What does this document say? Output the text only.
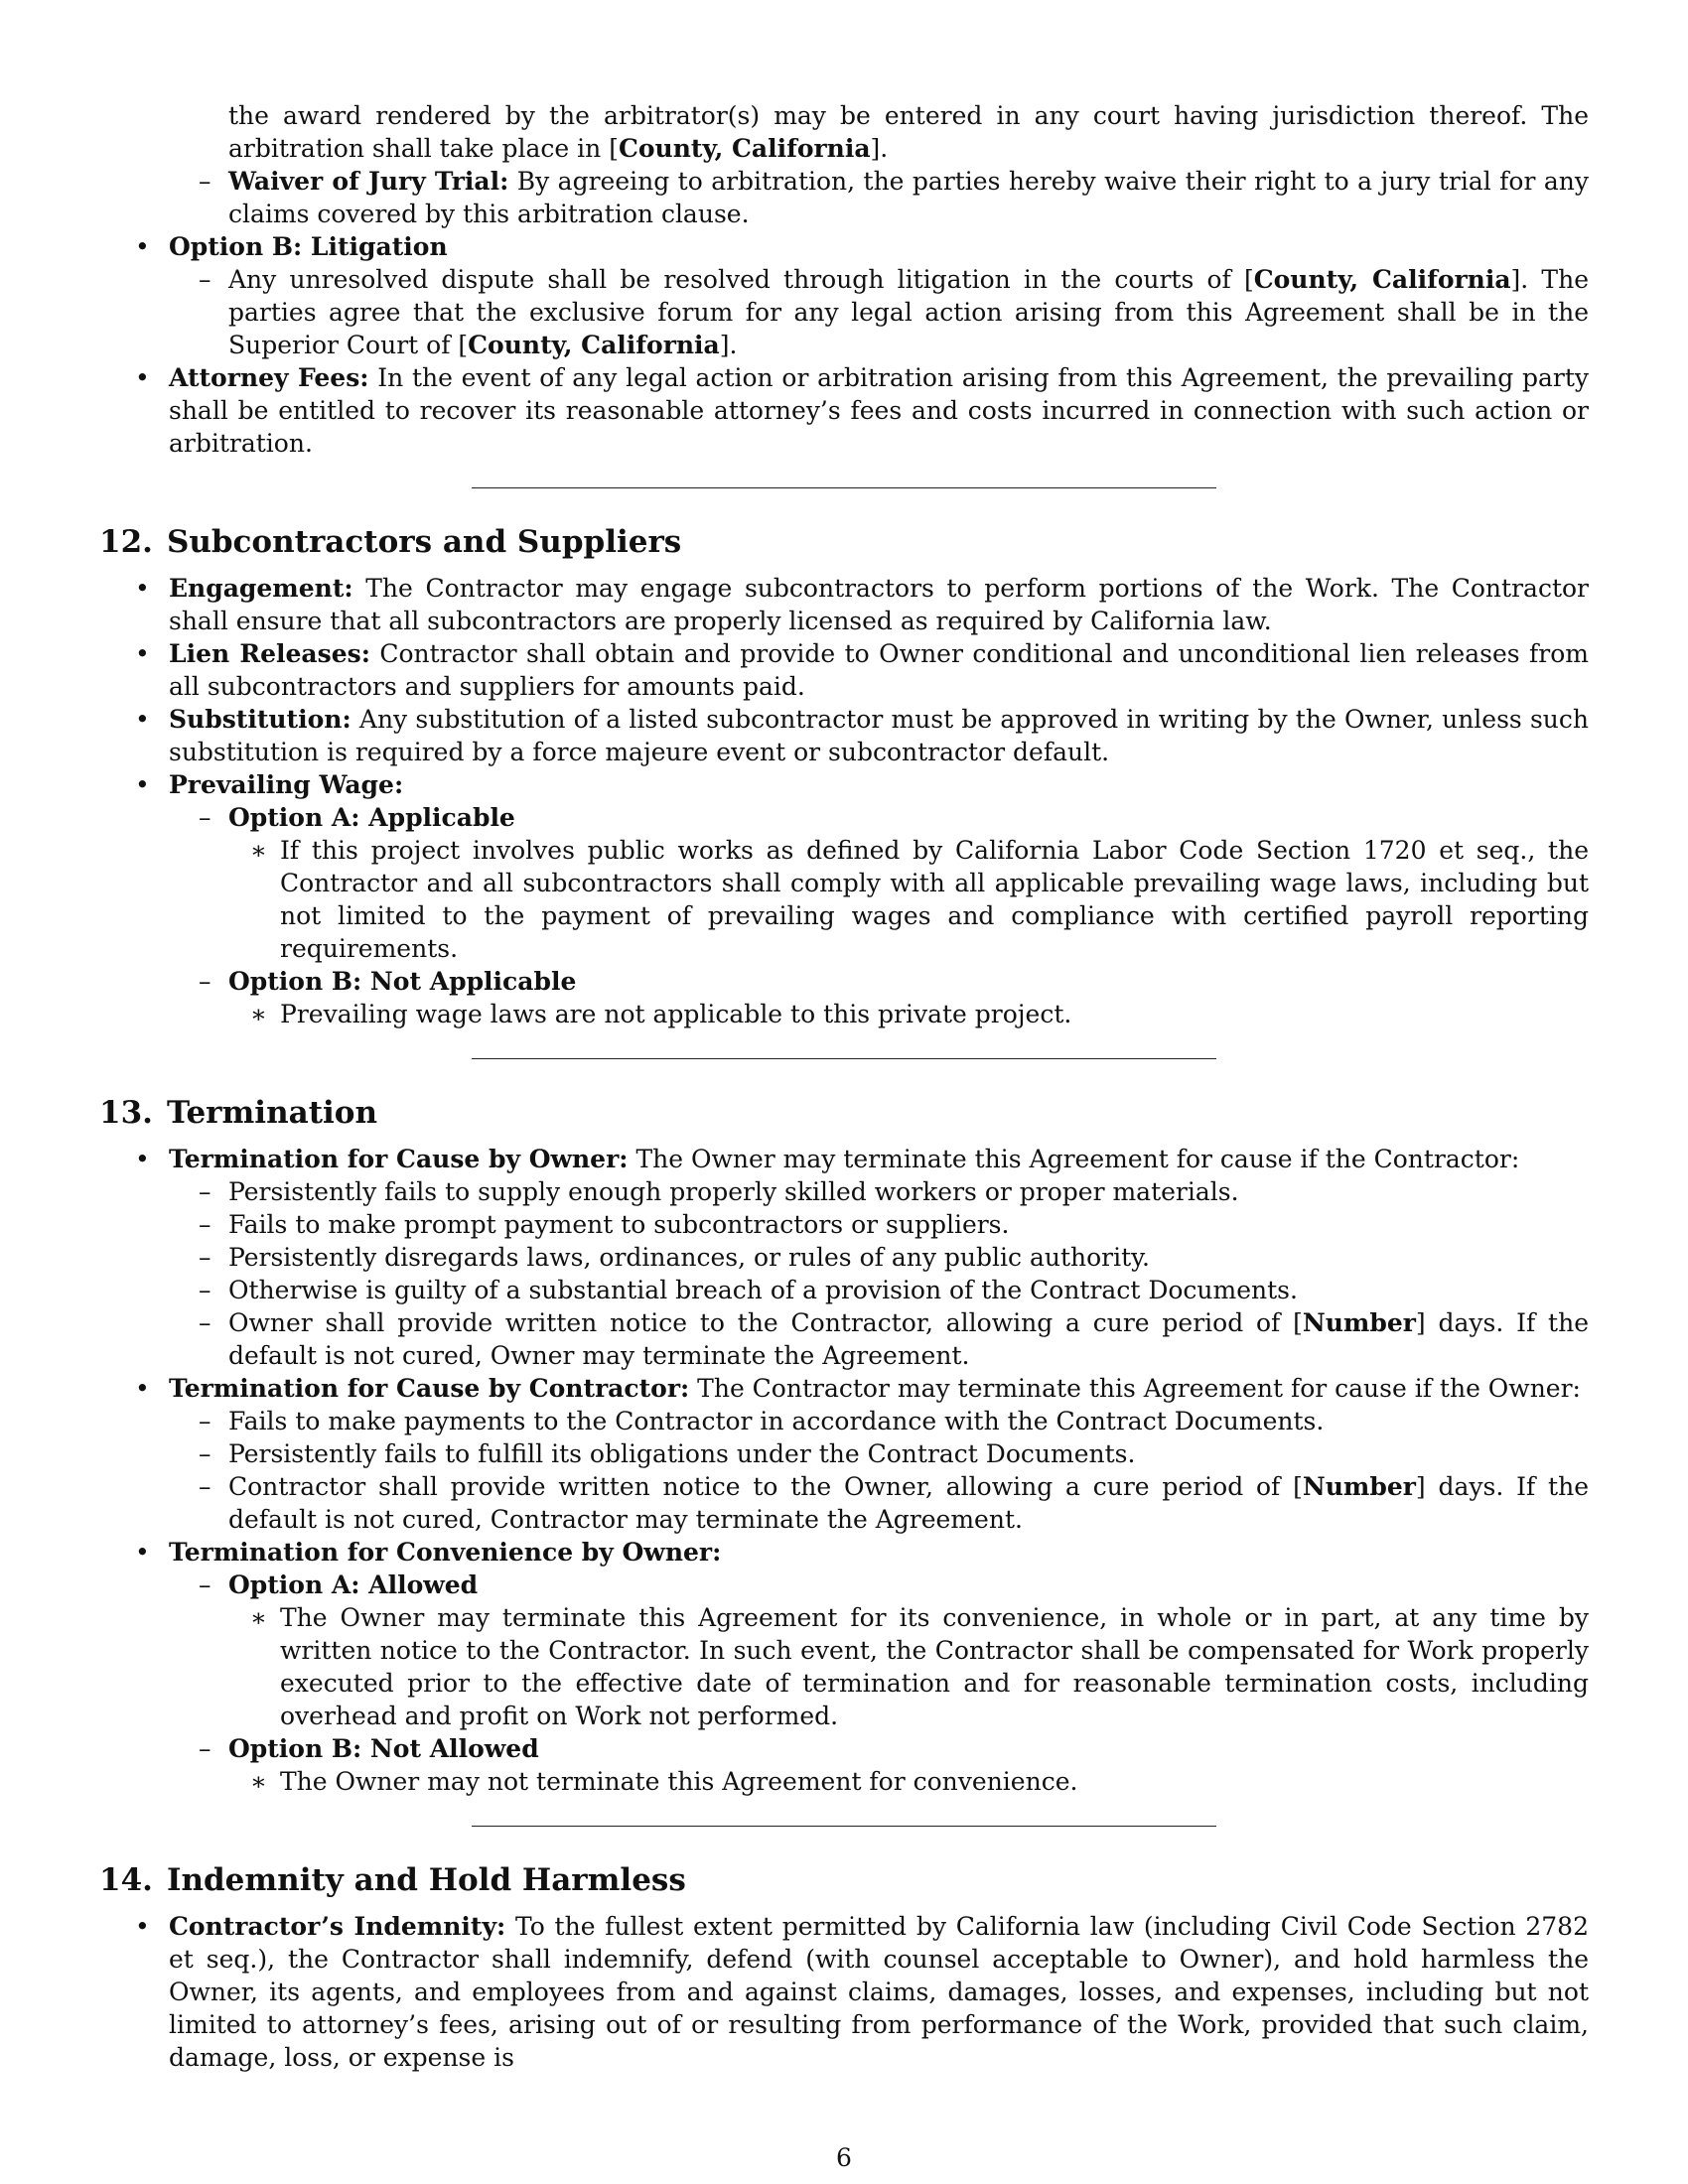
the award rendered by the arbitrator(s) may be entered in any court having jurisdiction thereof. The arbitration shall take place in [County, California].
– Waiver of Jury Trial: By agreeing to arbitration, the parties hereby waive their right to a jury trial for any claims covered by this arbitration clause.
• Option B: Litigation
– Any unresolved dispute shall be resolved through litigation in the courts of [County, California]. The parties agree that the exclusive forum for any legal action arising from this Agreement shall be in the Superior Court of [County, California].
• Attorney Fees: In the event of any legal action or arbitration arising from this Agreement, the prevailing party shall be entitled to recover its reasonable attorney’s fees and costs incurred in connection with such action or arbitration.
12. Subcontractors and Suppliers
• Engagement: The Contractor may engage subcontractors to perform portions of the Work. The Contractor shall ensure that all subcontractors are properly licensed as required by California law.
• Lien Releases: Contractor shall obtain and provide to Owner conditional and unconditional lien releases from all subcontractors and suppliers for amounts paid.
• Substitution: Any substitution of a listed subcontractor must be approved in writing by the Owner, unless such substitution is required by a force majeure event or subcontractor default.
• Prevailing Wage:
– Option A: Applicable
∗ If this project involves public works as defined by California Labor Code Section 1720 et seq., the Contractor and all subcontractors shall comply with all applicable prevailing wage laws, including but not limited to the payment of prevailing wages and compliance with certified payroll reporting requirements.
– Option B: Not Applicable
∗ Prevailing wage laws are not applicable to this private project.
13. Termination
• Termination for Cause by Owner: The Owner may terminate this Agreement for cause if the Contractor:
– Persistently fails to supply enough properly skilled workers or proper materials.
– Fails to make prompt payment to subcontractors or suppliers.
– Persistently disregards laws, ordinances, or rules of any public authority.
– Otherwise is guilty of a substantial breach of a provision of the Contract Documents.
– Owner shall provide written notice to the Contractor, allowing a cure period of [Number] days. If the default is not cured, Owner may terminate the Agreement.
• Termination for Cause by Contractor: The Contractor may terminate this Agreement for cause if the Owner:
– Fails to make payments to the Contractor in accordance with the Contract Documents.
– Persistently fails to fulfill its obligations under the Contract Documents.
– Contractor shall provide written notice to the Owner, allowing a cure period of [Number] days. If the default is not cured, Contractor may terminate the Agreement.
• Termination for Convenience by Owner:
– Option A: Allowed
∗ The Owner may terminate this Agreement for its convenience, in whole or in part, at any time by written notice to the Contractor. In such event, the Contractor shall be compensated for Work properly executed prior to the effective date of termination and for reasonable termination costs, including overhead and profit on Work not performed.
– Option B: Not Allowed
∗ The Owner may not terminate this Agreement for convenience.
14. Indemnity and Hold Harmless
• Contractor’s Indemnity: To the fullest extent permitted by California law (including Civil Code Section 2782 et seq.), the Contractor shall indemnify, defend (with counsel acceptable to Owner), and hold harmless the Owner, its agents, and employees from and against claims, damages, losses, and expenses, including but not limited to attorney’s fees, arising out of or resulting from performance of the Work, provided that such claim, damage, loss, or expense is
6
